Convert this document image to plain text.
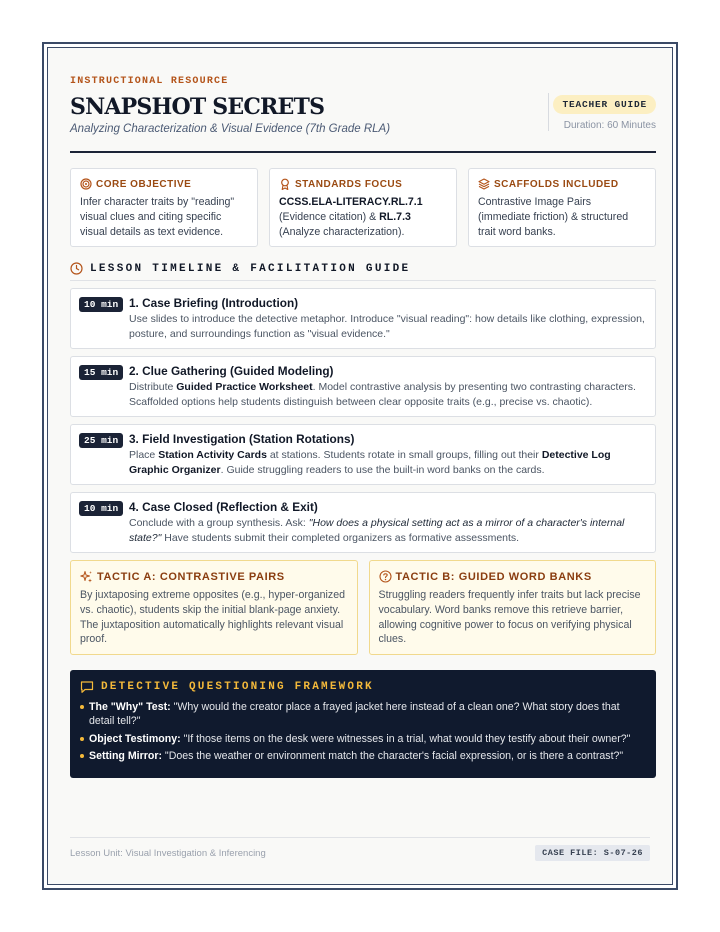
INSTRUCTIONAL RESOURCE
SNAPSHOT SECRETS
Analyzing Characterization & Visual Evidence (7th Grade RLA)
TEACHER GUIDE
Duration: 60 Minutes
CORE OBJECTIVE
Infer character traits by "reading" visual clues and citing specific visual details as text evidence.
STANDARDS FOCUS
CCSS.ELA-LITERACY.RL.7.1
(Evidence citation) & RL.7.3 (Analyze characterization).
SCAFFOLDS INCLUDED
Contrastive Image Pairs (immediate friction) & structured trait word banks.
LESSON TIMELINE & FACILITATION GUIDE
10 min 1. Case Briefing (Introduction)
Use slides to introduce the detective metaphor. Introduce "visual reading": how details like clothing, expression, posture, and surroundings function as "visual evidence."
15 min 2. Clue Gathering (Guided Modeling)
Distribute Guided Practice Worksheet. Model contrastive analysis by presenting two contrasting characters. Scaffolded options help students distinguish between clear opposite traits (e.g., precise vs. chaotic).
25 min 3. Field Investigation (Station Rotations)
Place Station Activity Cards at stations. Students rotate in small groups, filling out their Detective Log Graphic Organizer. Guide struggling readers to use the built-in word banks on the cards.
10 min 4. Case Closed (Reflection & Exit)
Conclude with a group synthesis. Ask: "How does a physical setting act as a mirror of a character's internal state?" Have students submit their completed organizers as formative assessments.
TACTIC A: CONTRASTIVE PAIRS
By juxtaposing extreme opposites (e.g., hyper-organized vs. chaotic), students skip the initial blank-page anxiety. The juxtaposition automatically highlights relevant visual proof.
TACTIC B: GUIDED WORD BANKS
Struggling readers frequently infer traits but lack precise vocabulary. Word banks remove this retrieve barrier, allowing cognitive power to focus on verifying physical clues.
DETECTIVE QUESTIONING FRAMEWORK
The "Why" Test: "Why would the creator place a frayed jacket here instead of a clean one? What story does that detail tell?"
Object Testimony: "If those items on the desk were witnesses in a trial, what would they testify about their owner?"
Setting Mirror: "Does the weather or environment match the character's facial expression, or is there a contrast?"
Lesson Unit: Visual Investigation & Inferencing	CASE FILE: S-07-26
